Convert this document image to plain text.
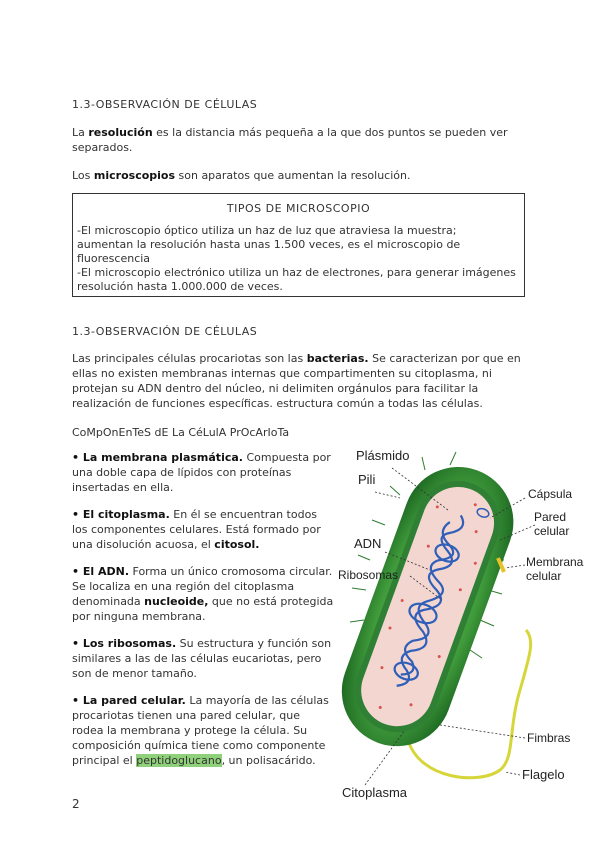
1.3-OBSERVACIÓN DE CÉLULAS
La resolución es la distancia más pequeña a la que dos puntos se pueden ver separados.
Los microscopios son aparatos que aumentan la resolución.
TIPOS DE MICROSCOPIO
-El microscopio óptico utiliza un haz de luz que atraviesa la muestra; aumentan la resolución hasta unas 1.500 veces, es el microscopio de fluorescencia
-El microscopio electrónico utiliza un haz de electrones, para generar imágenes resolución hasta 1.000.000 de veces.
1.3-OBSERVACIÓN DE CÉLULAS
Las principales células procariotas son las bacterias. Se caracterizan por que en ellas no existen membranas internas que compartimenten su citoplasma, ni protejan su ADN dentro del núcleo, ni delimiten orgánulos para facilitar la realización de funciones específicas. estructura común a todas las células.
CoMpOnEnTeS dE La CéLulA PrOcArIoTa
• La membrana plasmática. Compuesta por una doble capa de lípidos con proteínas insertadas en ella.
• El citoplasma. En él se encuentran todos los componentes celulares. Está formado por una disolución acuosa, el citosol.
• El ADN. Forma un único cromosoma circular. Se localiza en una región del citoplasma denominada nucleoide, que no está protegida por ninguna membrana.
• Los ribosomas. Su estructura y función son similares a las de las células eucariotas, pero son de menor tamaño.
• La pared celular. La mayoría de las células procariotas tienen una pared celular, que rodea la membrana y protege la célula. Su composición química tiene como componente principal el peptidoglucano, un polisacárido.
Plásmido
Pili
Cápsula
Pared celular
ADN
Ribosomas
Membrana celular
Fimbras
Flagelo
Citoplasma
2
